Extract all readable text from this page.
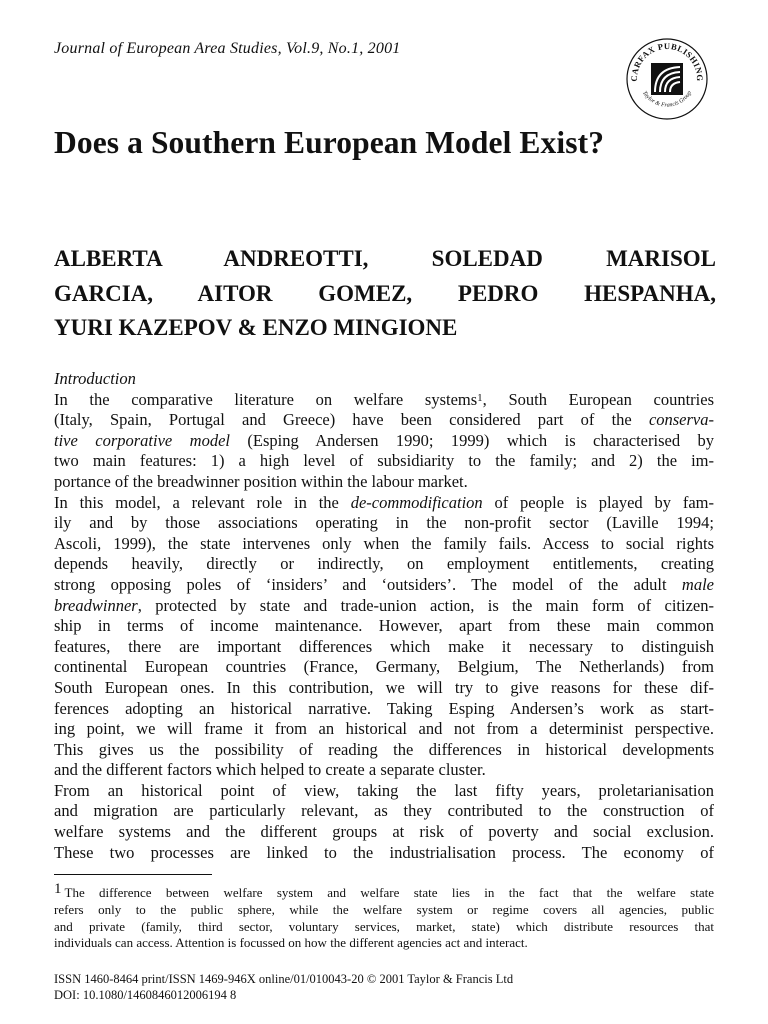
Journal of European Area Studies, Vol.9, No.1, 2001
CARFAX PUBLISHING
Taylor & Francis Group
Does a Southern European Model Exist?
ALBERTA ANDREOTTI, SOLEDAD MARISOL
GARCIA, AITOR GOMEZ, PEDRO HESPANHA,
YURI KAZEPOV & ENZO MINGIONE
Introduction
In the comparative literature on welfare systems$^1$, South European countries
(Italy, Spain, Portugal and Greece) have been considered part of the conserva-
tive corporative model (Esping Andersen 1990; 1999) which is characterised by
two main features: 1) a high level of subsidiarity to the family; and 2) the im-
portance of the breadwinner position within the labour market.
In this model, a relevant role in the de-commodification of people is played by fam-
ily and by those associations operating in the non-profit sector (Laville 1994;
Ascoli, 1999), the state intervenes only when the family fails. Access to social rights
depends heavily, directly or indirectly, on employment entitlements, creating
strong opposing poles of ‘insiders’ and ‘outsiders’. The model of the adult male
breadwinner, protected by state and trade-union action, is the main form of citizen-
ship in terms of income maintenance. However, apart from these main common
features, there are important differences which make it necessary to distinguish
continental European countries (France, Germany, Belgium, The Netherlands) from
South European ones. In this contribution, we will try to give reasons for these dif-
ferences adopting an historical narrative. Taking Esping Andersen’s work as start-
ing point, we will frame it from an historical and not from a determinist perspective.
This gives us the possibility of reading the differences in historical developments
and the different factors which helped to create a separate cluster.
From an historical point of view, taking the last fifty years, proletarianisation
and migration are particularly relevant, as they contributed to the construction of
welfare systems and the different groups at risk of poverty and social exclusion.
These two processes are linked to the industrialisation process. The economy of
$^1$ The difference between welfare system and welfare state lies in the fact that the welfare state
refers only to the public sphere, while the welfare system or regime covers all agencies, public
and private (family, third sector, voluntary services, market, state) which distribute resources that
individuals can access. Attention is focussed on how the different agencies act and interact.
ISSN 1460-8464 print/ISSN 1469-946X online/01/010043-20 © 2001 Taylor & Francis Ltd
DOI: 10.1080/1460846012006194 8
